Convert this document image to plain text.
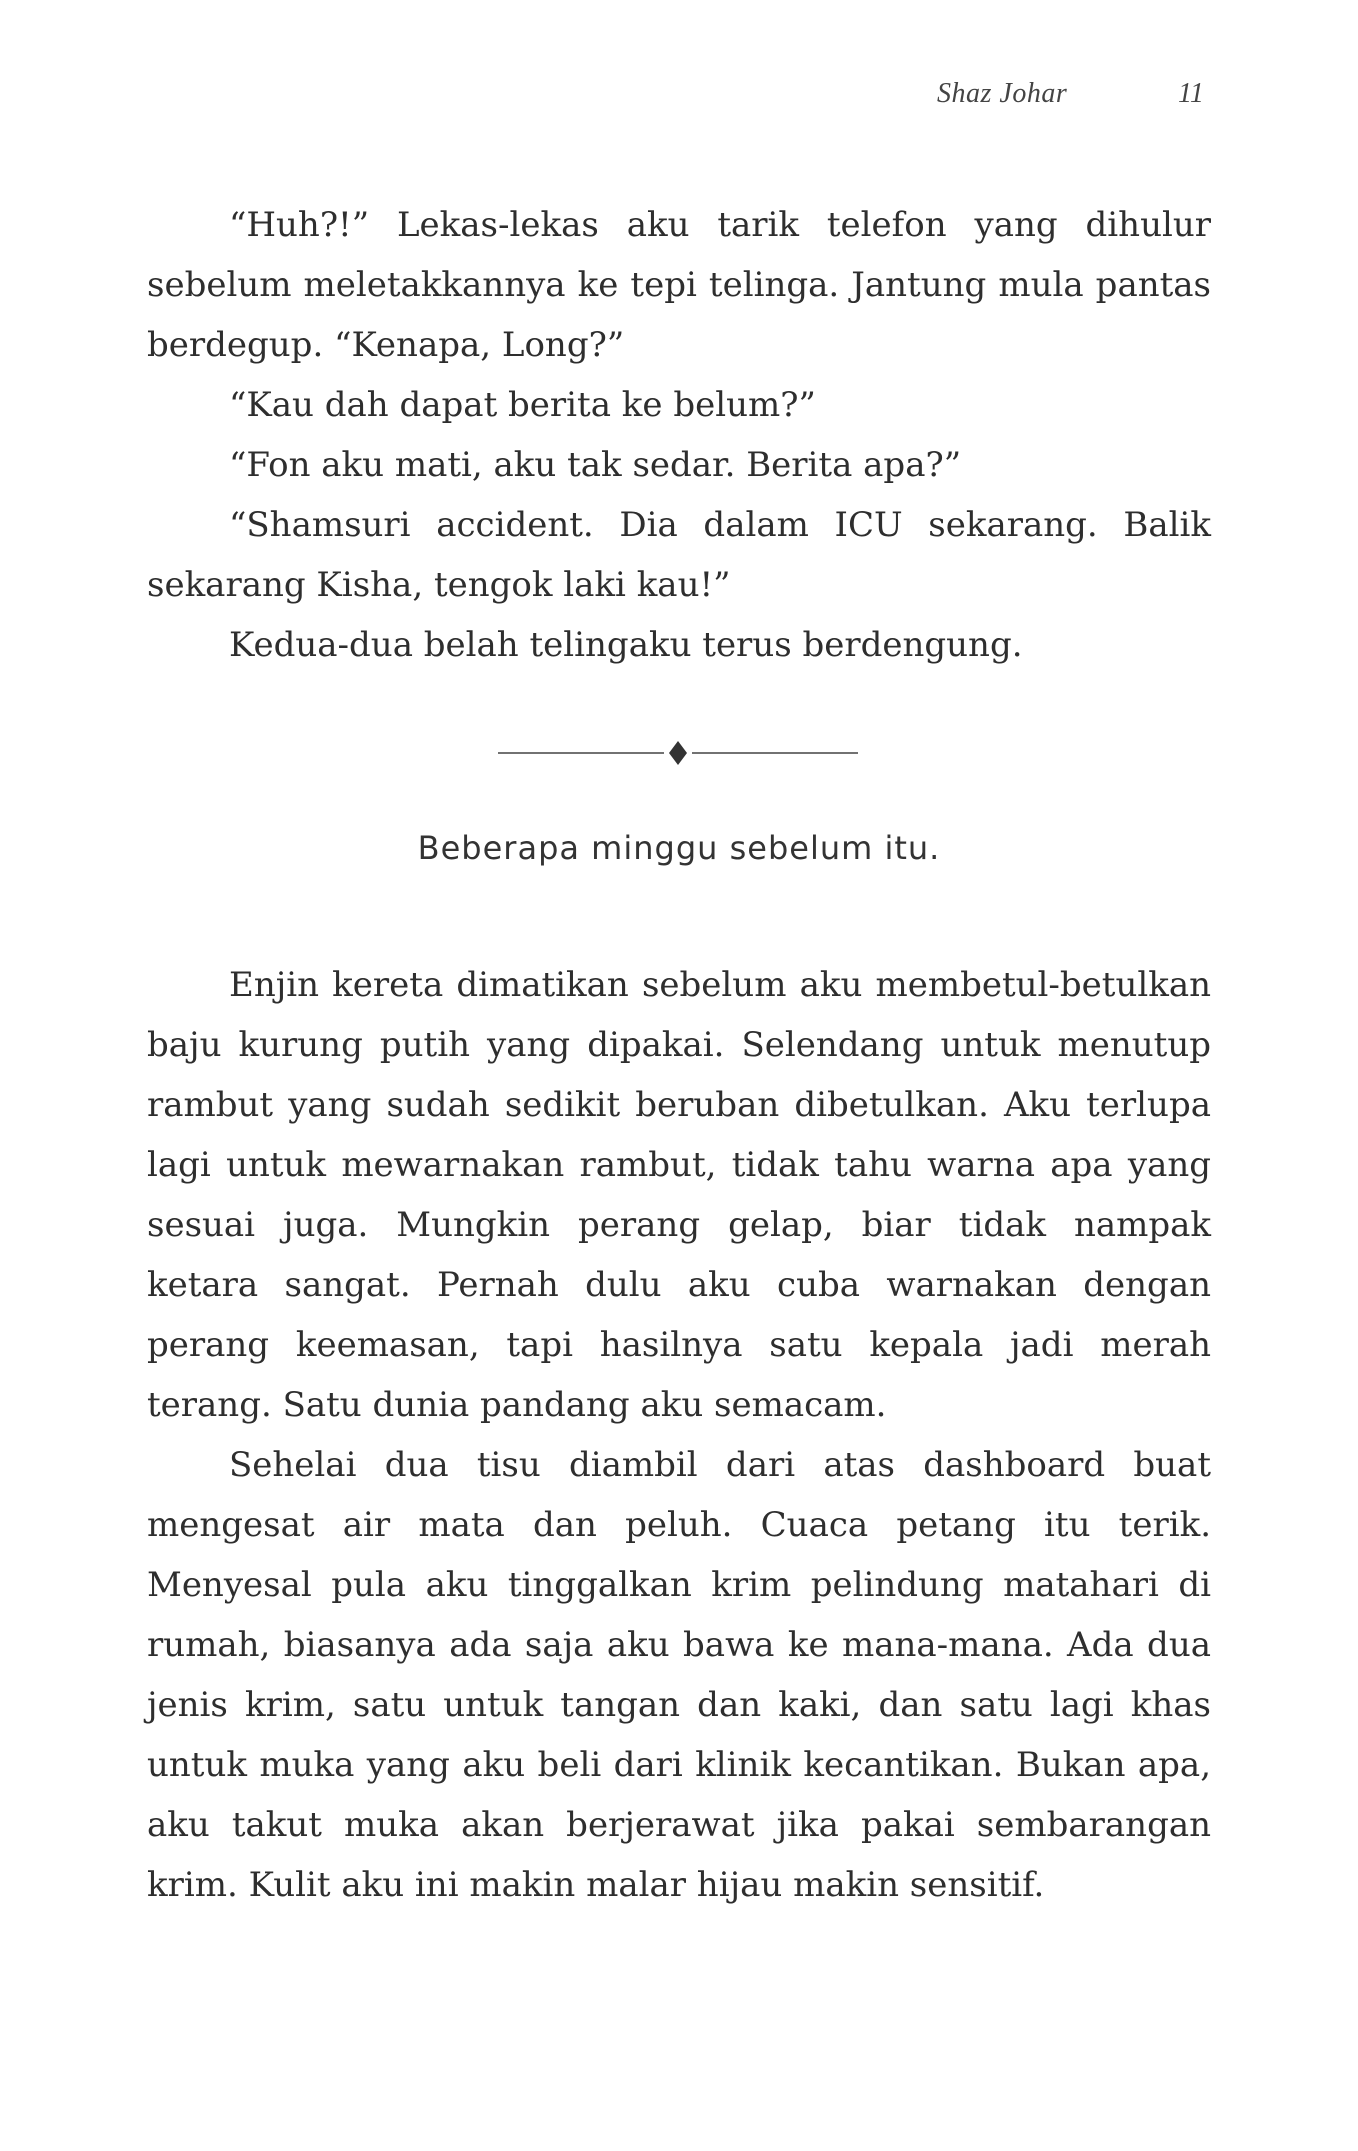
Shaz Johar	11

“Huh?!” Lekas-lekas aku tarik telefon yang dihulur sebelum meletakkannya ke tepi telinga. Jantung mula pantas berdegup. “Kenapa, Long?”

“Kau dah dapat berita ke belum?”

“Fon aku mati, aku tak sedar. Berita apa?”

“Shamsuri accident. Dia dalam ICU sekarang. Balik sekarang Kisha, tengok laki kau!”

Kedua-dua belah telingaku terus berdengung.

Beberapa minggu sebelum itu.

Enjin kereta dimatikan sebelum aku membetul-betulkan baju kurung putih yang dipakai. Selendang untuk menutup rambut yang sudah sedikit beruban dibetulkan. Aku terlupa lagi untuk mewarnakan rambut, tidak tahu warna apa yang sesuai juga. Mungkin perang gelap, biar tidak nampak ketara sangat. Pernah dulu aku cuba warnakan dengan perang keemasan, tapi hasilnya satu kepala jadi merah terang. Satu dunia pandang aku semacam.

Sehelai dua tisu diambil dari atas dashboard buat mengesat air mata dan peluh. Cuaca petang itu terik. Menyesal pula aku tinggalkan krim pelindung matahari di rumah, biasanya ada saja aku bawa ke mana-mana. Ada dua jenis krim, satu untuk tangan dan kaki, dan satu lagi khas untuk muka yang aku beli dari klinik kecantikan. Bukan apa, aku takut muka akan berjerawat jika pakai sembarangan krim. Kulit aku ini makin malar hijau makin sensitif.
